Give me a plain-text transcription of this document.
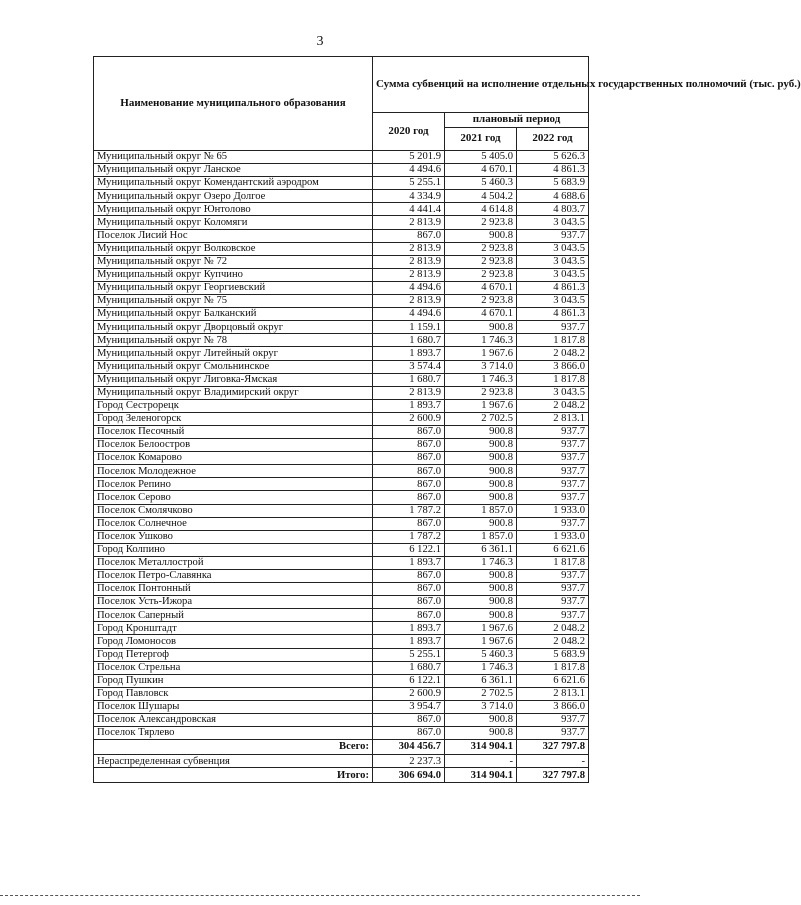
3
Наименование муниципального образования	Сумма субвенций на исполнение отдельных государственных полномочий (тыс. руб.)		
	2020 год	плановый период	
		2021 год	2022 год
Муниципальный округ № 65	5 201.9	5 405.0	5 626.3
Муниципальный округ Ланское	4 494.6	4 670.1	4 861.3
Муниципальный округ Комендантский аэродром	5 255.1	5 460.3	5 683.9
Муниципальный округ Озеро Долгое	4 334.9	4 504.2	4 688.6
Муниципальный округ Юнтолово	4 441.4	4 614.8	4 803.7
Муниципальный округ Коломяги	2 813.9	2 923.8	3 043.5
Поселок Лисий Нос	867.0	900.8	937.7
Муниципальный округ Волковское	2 813.9	2 923.8	3 043.5
Муниципальный округ № 72	2 813.9	2 923.8	3 043.5
Муниципальный округ Купчино	2 813.9	2 923.8	3 043.5
Муниципальный округ Георгиевский	4 494.6	4 670.1	4 861.3
Муниципальный округ № 75	2 813.9	2 923.8	3 043.5
Муниципальный округ Балканский	4 494.6	4 670.1	4 861.3
Муниципальный округ Дворцовый округ	1 159.1	900.8	937.7
Муниципальный округ № 78	1 680.7	1 746.3	1 817.8
Муниципальный округ Литейный округ	1 893.7	1 967.6	2 048.2
Муниципальный округ Смольнинское	3 574.4	3 714.0	3 866.0
Муниципальный округ Лиговка-Ямская	1 680.7	1 746.3	1 817.8
Муниципальный округ Владимирский округ	2 813.9	2 923.8	3 043.5
Город Сестрорецк	1 893.7	1 967.6	2 048.2
Город Зеленогорск	2 600.9	2 702.5	2 813.1
Поселок Песочный	867.0	900.8	937.7
Поселок Белоостров	867.0	900.8	937.7
Поселок Комарово	867.0	900.8	937.7
Поселок Молодежное	867.0	900.8	937.7
Поселок Репино	867.0	900.8	937.7
Поселок Серово	867.0	900.8	937.7
Поселок Смолячково	1 787.2	1 857.0	1 933.0
Поселок Солнечное	867.0	900.8	937.7
Поселок Ушково	1 787.2	1 857.0	1 933.0
Город Колпино	6 122.1	6 361.1	6 621.6
Поселок Металлострой	1 893.7	1 746.3	1 817.8
Поселок Петро-Славянка	867.0	900.8	937.7
Поселок Понтонный	867.0	900.8	937.7
Поселок Усть-Ижора	867.0	900.8	937.7
Поселок Саперный	867.0	900.8	937.7
Город Кронштадт	1 893.7	1 967.6	2 048.2
Город Ломоносов	1 893.7	1 967.6	2 048.2
Город Петергоф	5 255.1	5 460.3	5 683.9
Поселок Стрельна	1 680.7	1 746.3	1 817.8
Город Пушкин	6 122.1	6 361.1	6 621.6
Город Павловск	2 600.9	2 702.5	2 813.1
Поселок Шушары	3 954.7	3 714.0	3 866.0
Поселок Александровская	867.0	900.8	937.7
Поселок Тярлево	867.0	900.8	937.7
Всего:	304 456.7	314 904.1	327 797.8
Нераспределенная субвенция	2 237.3	-	-
Итого:	306 694.0	314 904.1	327 797.8
